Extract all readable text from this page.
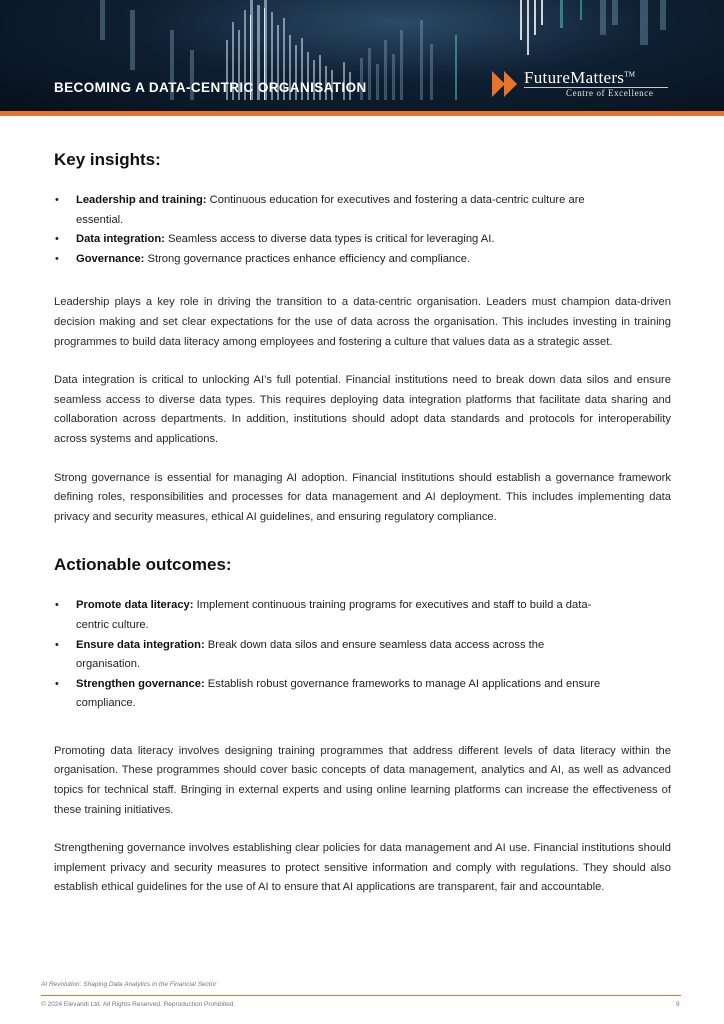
BECOMING A DATA-CENTRIC ORGANISATION
FutureMatters™
Centre of Excellence
Key insights:
• Leadership and training: Continuous education for executives and fostering a data-centric culture are essential.
• Data integration: Seamless access to diverse data types is critical for leveraging AI.
• Governance: Strong governance practices enhance efficiency and compliance.

Leadership plays a key role in driving the transition to a data-centric organisation. Leaders must champion data-driven decision making and set clear expectations for the use of data across the organisation. This includes investing in training programmes to build data literacy among employees and fostering a culture that values data as a strategic asset.

Data integration is critical to unlocking AI’s full potential. Financial institutions need to break down data silos and ensure seamless access to diverse data types. This requires deploying data integration platforms that facilitate data sharing and collaboration across departments. In addition, institutions should adopt data standards and protocols for interoperability across systems and applications.

Strong governance is essential for managing AI adoption. Financial institutions should establish a governance framework defining roles, responsibilities and processes for data management and AI deployment. This includes implementing data privacy and security measures, ethical AI guidelines, and ensuring regulatory compliance.

Actionable outcomes:
• Promote data literacy: Implement continuous training programs for executives and staff to build a data-centric culture.
• Ensure data integration: Break down data silos and ensure seamless data access across the organisation.
• Strengthen governance: Establish robust governance frameworks to manage AI applications and ensure compliance.

Promoting data literacy involves designing training programmes that address different levels of data literacy within the organisation. These programmes should cover basic concepts of data management, analytics and AI, as well as advanced topics for technical staff. Bringing in external experts and using online learning platforms can increase the effectiveness of these training initiatives.

Strengthening governance involves establishing clear policies for data management and AI use. Financial institutions should implement privacy and security measures to protect sensitive information and comply with regulations. They should also establish ethical guidelines for the use of AI to ensure that AI applications are transparent, fair and accountable.

AI Revolution: Shaping Data Analytics in the Financial Sector
© 2024 Elevandi Ltd. All Rights Reserved. Reproduction Prohibited.	9
